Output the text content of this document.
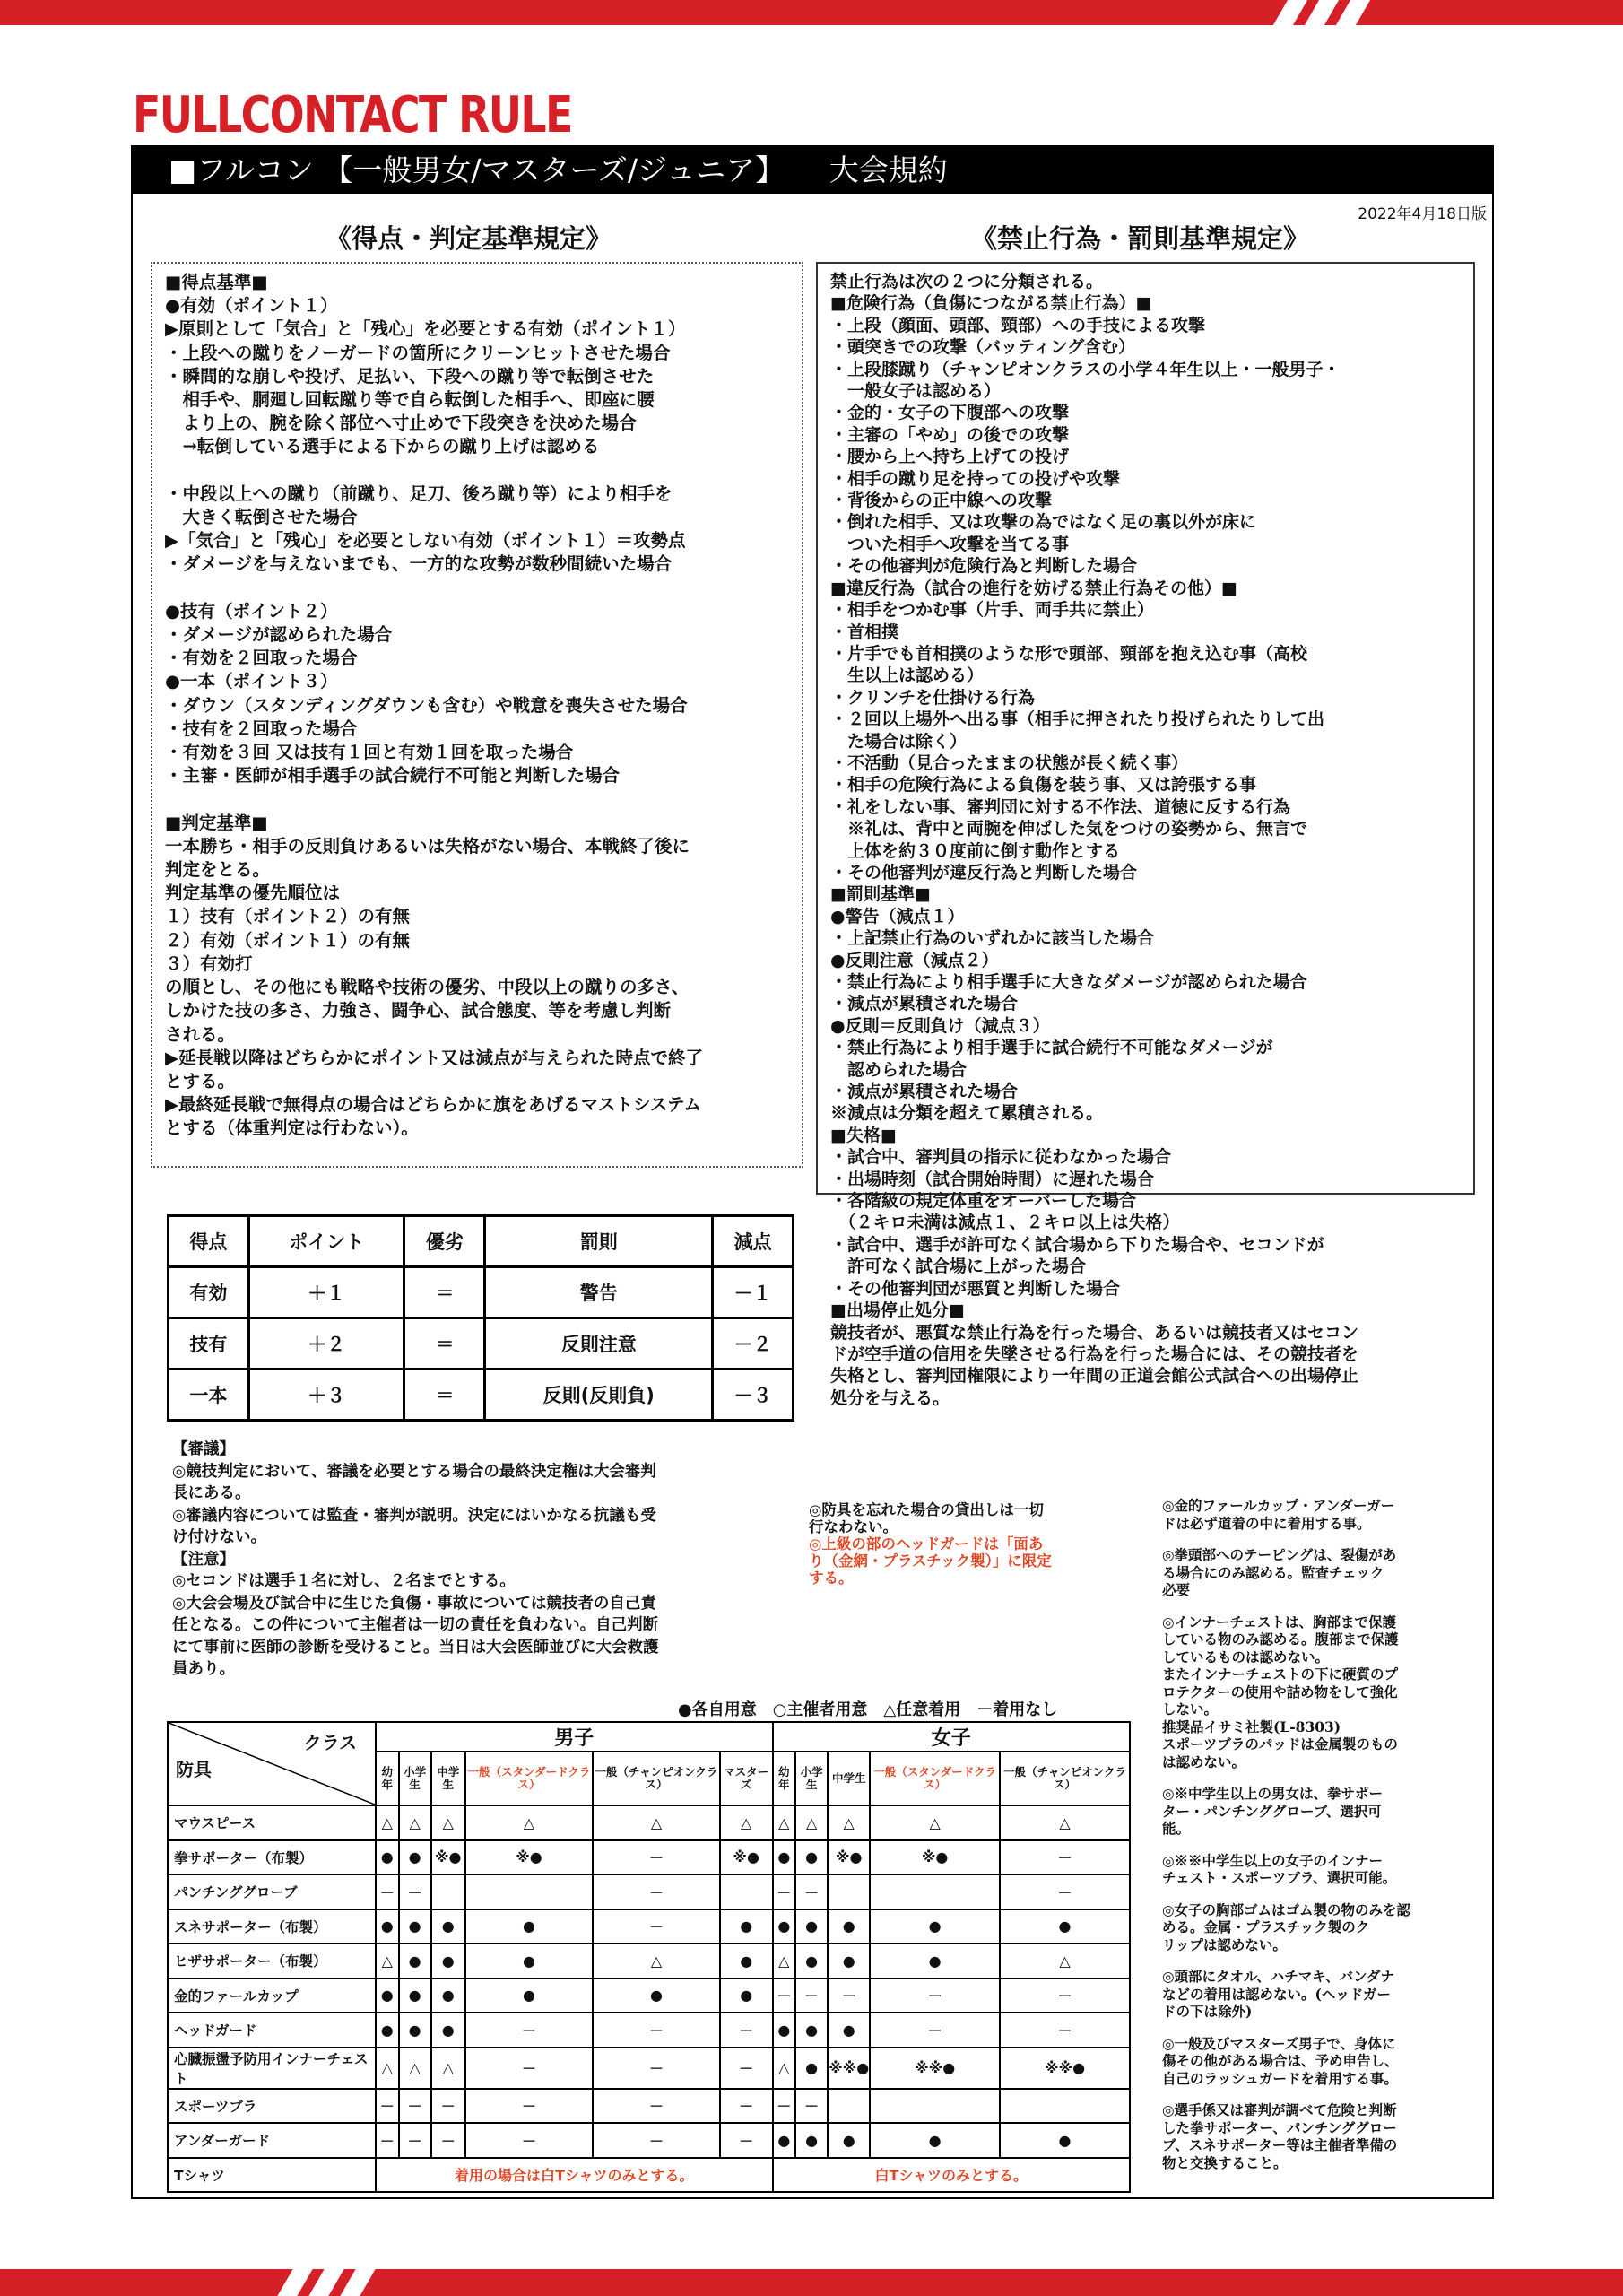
FULLCONTACT RULE
■フルコン 【一般男女/マスターズ/ジュニア】　　大会規約
2022年4月18日版
《得点・判定基準規定》	《禁止行為・罰則基準規定》
■得点基準■
●有効（ポイント１）
▶原則として「気合」と「残心」を必要とする有効（ポイント１）
・上段への蹴りをノーガードの箇所にクリーンヒットさせた場合
・瞬間的な崩しや投げ、足払い、下段への蹴り等で転倒させた
　相手や、胴廻し回転蹴り等で自ら転倒した相手へ、即座に腰
　より上の、腕を除く部位へ寸止めで下段突きを決めた場合
　→転倒している選手による下からの蹴り上げは認める

・中段以上への蹴り（前蹴り、足刀、後ろ蹴り等）により相手を
　大きく転倒させた場合
▶「気合」と「残心」を必要としない有効（ポイント１）＝攻勢点
・ダメージを与えないまでも、一方的な攻勢が数秒間続いた場合

●技有（ポイント２）
・ダメージが認められた場合
・有効を２回取った場合
●一本（ポイント３）
・ダウン（スタンディングダウンも含む）や戦意を喪失させた場合
・技有を２回取った場合
・有効を３回 又は技有１回と有効１回を取った場合
・主審・医師が相手選手の試合続行不可能と判断した場合

■判定基準■
一本勝ち・相手の反則負けあるいは失格がない場合、本戦終了後に
判定をとる。
判定基準の優先順位は
１）技有（ポイント２）の有無
２）有効（ポイント１）の有無
３）有効打
の順とし、その他にも戦略や技術の優劣、中段以上の蹴りの多さ、
しかけた技の多さ、力強さ、闘争心、試合態度、等を考慮し判断
される。
▶延長戦以降はどちらかにポイント又は減点が与えられた時点で終了
とする。
▶最終延長戦で無得点の場合はどちらかに旗をあげるマストシステム
とする（体重判定は行わない）。
禁止行為は次の２つに分類される。
■危険行為（負傷につながる禁止行為）■
・上段（顔面、頭部、頸部）への手技による攻撃
・頭突きでの攻撃（バッティング含む）
・上段膝蹴り（チャンピオンクラスの小学４年生以上・一般男子・
　一般女子は認める）
・金的・女子の下腹部への攻撃
・主審の「やめ」の後での攻撃
・腰から上へ持ち上げての投げ
・相手の蹴り足を持っての投げや攻撃
・背後からの正中線への攻撃
・倒れた相手、又は攻撃の為ではなく足の裏以外が床に
　ついた相手へ攻撃を当てる事
・その他審判が危険行為と判断した場合
■違反行為（試合の進行を妨げる禁止行為その他）■
・相手をつかむ事（片手、両手共に禁止）
・首相撲
・片手でも首相撲のような形で頭部、頸部を抱え込む事（高校
　生以上は認める）
・クリンチを仕掛ける行為
・２回以上場外へ出る事（相手に押されたり投げられたりして出
　た場合は除く）
・不活動（見合ったままの状態が長く続く事）
・相手の危険行為による負傷を装う事、又は誇張する事
・礼をしない事、審判団に対する不作法、道徳に反する行為
　※礼は、背中と両腕を伸ばした気をつけの姿勢から、無言で
　上体を約３０度前に倒す動作とする
・その他審判が違反行為と判断した場合
■罰則基準■
●警告（減点１）
・上記禁止行為のいずれかに該当した場合
●反則注意（減点２）
・禁止行為により相手選手に大きなダメージが認められた場合
・減点が累積された場合
●反則＝反則負け（減点３）
・禁止行為により相手選手に試合続行不可能なダメージが
　認められた場合
・減点が累積された場合
※減点は分類を超えて累積される。
■失格■
・試合中、審判員の指示に従わなかった場合
・出場時刻（試合開始時間）に遅れた場合
・各階級の規定体重をオーバーした場合
　（２キロ未満は減点１、２キロ以上は失格）
・試合中、選手が許可なく試合場から下りた場合や、セコンドが
　許可なく試合場に上がった場合
・その他審判団が悪質と判断した場合
■出場停止処分■
競技者が、悪質な禁止行為を行った場合、あるいは競技者又はセコン
ドが空手道の信用を失墜させる行為を行った場合には、その競技者を
失格とし、審判団権限により一年間の正道会館公式試合への出場停止
処分を与える。
得点	ポイント	優劣	罰則	減点
有効	＋１	＝	警告	－１
技有	＋２	＝	反則注意	－２
一本	＋３	＝	反則(反則負)	－３
【審議】
◎競技判定において、審議を必要とする場合の最終決定権は大会審判
長にある。
◎審議内容については監査・審判が説明。決定にはいかなる抗議も受
け付けない。
【注意】
◎セコンドは選手１名に対し、２名までとする。
◎大会会場及び試合中に生じた負傷・事故については競技者の自己責
任となる。この件について主催者は一切の責任を負わない。自己判断
にて事前に医師の診断を受けること。当日は大会医師並びに大会救護
員あり。
◎防具を忘れた場合の貸出しは一切
行なわない。
◎上級の部のヘッドガードは「面あ
り（金網・プラスチック製）」に限定
する。
●各自用意　○主催者用意　△任意着用　－着用なし
クラス
防具	男子						女子				
	幼年	小学生	中学生	一般（スタンダードクラス）	一般（チャンピオンクラス）	マスターズ	幼年	小学生	中学生	一般（スタンダードクラス）	一般（チャンピオンクラス）
マウスピース	△	△	△	△	△	△	△	△	△	△	△
拳サポーター（布製）	●	●	※●	※●	－	※●	●	●	※●	※●	－
パンチンググローブ	－	－			－		－	－			－
スネサポーター（布製）	●	●	●	●	－	●	●	●	●	●	●
ヒザサポーター（布製）	△	●	●	●	△	●	△	●	●	●	△
金的ファールカップ	●	●	●	●	●	●	－	－	－	－	－
ヘッドガード	●	●	●	－	－	－	●	●	●	－	－
心臓振盪予防用インナーチェスト	△	△	△	－	－	－	△	●	※※●	※※●	※※●
スポーツブラ	－	－	－	－	－	－	－	－			
アンダーガード	－	－	－	－	－	－	●	●	●	●	●
Tシャツ	着用の場合は白Tシャツのみとする。						白Tシャツのみとする。				
◎金的ファールカップ・アンダーガー
ドは必ず道着の中に着用する事。
◎拳頭部へのテーピングは、裂傷があ
る場合にのみ認める。監査チェック
必要
◎インナーチェストは、胸部まで保護
している物のみ認める。腹部まで保護
しているものは認めない。
またインナーチェストの下に硬質のプ
ロテクターの使用や詰め物をして強化
しない。
推奨品イサミ社製(L-8303)
スポーツブラのパッドは金属製のもの
は認めない。
◎※中学生以上の男女は、拳サポー
ター・パンチンググローブ、選択可
能。
◎※※中学生以上の女子のインナー
チェスト・スポーツブラ、選択可能。
◎女子の胸部ゴムはゴム製の物のみを認
める。金属・プラスチック製のク
リップは認めない。
◎頭部にタオル、ハチマキ、バンダナ
などの着用は認めない。(ヘッドガー
ドの下は除外)
◎一般及びマスターズ男子で、身体に
傷その他がある場合は、予め申告し、
自己のラッシュガードを着用する事。
◎選手係又は審判が調べて危険と判断
した拳サポーター、パンチンググロー
ブ、スネサポーター等は主催者準備の
物と交換すること。
